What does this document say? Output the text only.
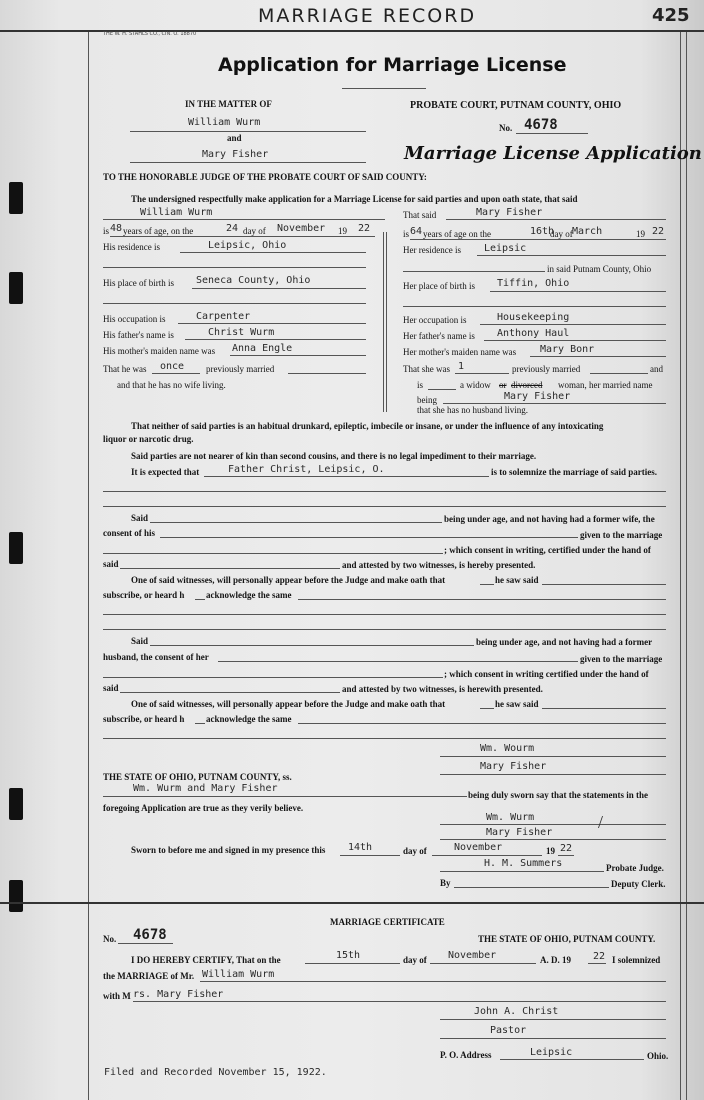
MARRIAGE RECORD	425
THE W. H. STAHLS CO., CIN. O. 18870
Application for Marriage License
IN THE MATTER OF
William Wurm
and
Mary Fisher
PROBATE COURT, PUTNAM COUNTY, OHIO
No. 4678
Marriage License Application
TO THE HONORABLE JUDGE OF THE PROBATE COURT OF SAID COUNTY:
The undersigned respectfully make application for a Marriage License for said parties and upon oath state, that said
William Wurm
is 48 years of age, on the	24 day of November 19 22
His residence is	Leipsic, Ohio
His place of birth is Seneca County, Ohio
His occupation is	Carpenter
His father's name is	Christ Wurm
His mother's maiden name was Anna Engle
That he was once previously married
and that he has no wife living.
That said	Mary Fisher
is 64 years of age on the	16th
day of March	19 22
Her residence is Leipsic
in said Putnam County, Ohio
Her place of birth is Tiffin, Ohio
Her occupation is	Housekeeping
Her father's name is Anthony Haul
Her mother's maiden name was Mary Bonr
That she was 1	previously married	and
is	a widow or divorced woman, her married name
being	Mary Fisher
that she has no husband living.
That neither of said parties is an habitual drunkard, epileptic, imbecile or insane, or under the influence of any intoxicating
liquor or narcotic drug.
Said parties are not nearer of kin than second cousins, and there is no legal impediment to their marriage.
It is expected that	Father Christ, Leipsic, O.	is to solemnize the marriage of said parties.
Said	being under age, and not having had a former wife, the
consent of his	given to the marriage
; which consent in writing, certified under the hand of
said	and attested by two witnesses, is hereby presented.
One of said witnesses, will personally appear before the Judge and make oath that	he saw said
subscribe, or heard h acknowledge the same
Said	being under age, and not having had a former
husband, the consent of her	given to the marriage
; which consent in writing certified under the hand of
said	and attested by two witnesses, is herewith presented.
One of said witnesses, will personally appear before the Judge and make oath that	he saw said
subscribe, or heard h acknowledge the same
Wm. Wourm
Mary Fisher
THE STATE OF OHIO, PUTNAM COUNTY, ss.
Wm. Wurm and Mary Fisher
being duly sworn say that the statements in the
foregoing Application are true as they verily believe.
Wm. Wurm	/
Mary Fisher
Sworn to before me and signed in my presence this 14th	day of	November	19 22
H. M. Summers	Probate Judge.
By	Deputy Clerk.
MARRIAGE CERTIFICATE
No. 4678	THE STATE OF OHIO, PUTNAM COUNTY.
I DO HEREBY CERTIFY, That on the	15th	day of November	A. D. 19 22 I solemnized
the MARRIAGE of Mr. William Wurm
with M rs. Mary Fisher
John A. Christ
Pastor
P. O. Address	Leipsic	Ohio.
Filed and Recorded November 15, 1922.
